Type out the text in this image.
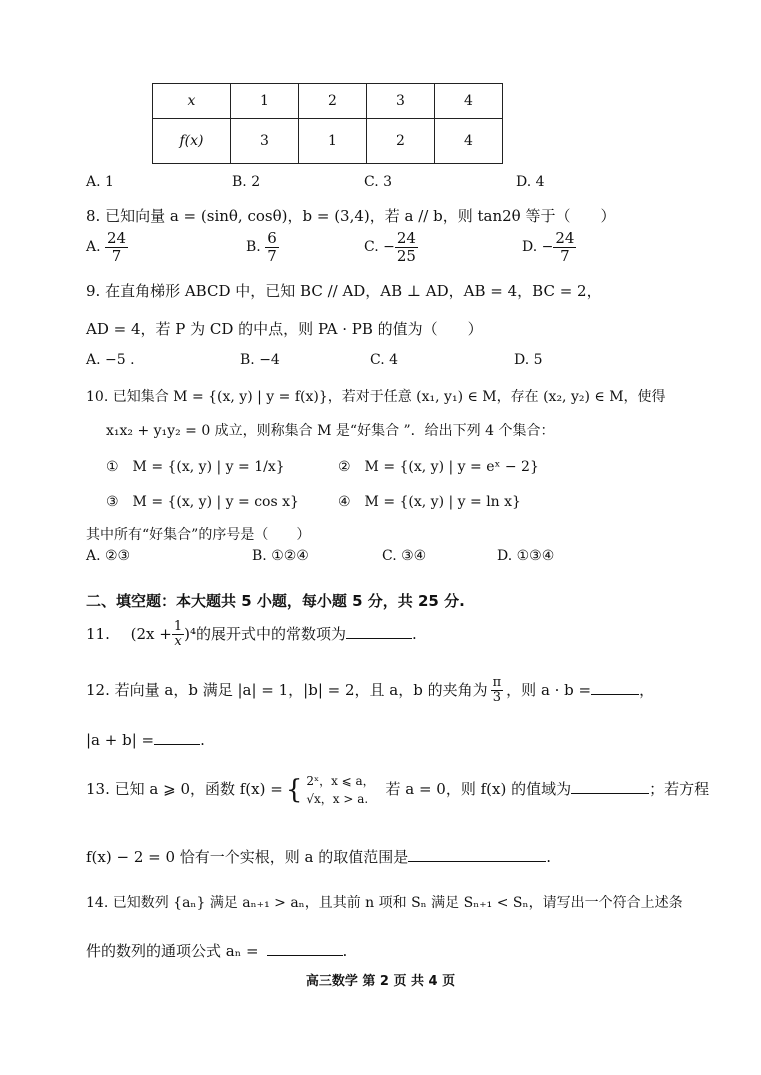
x	1	2	3	4
f(x)	3	1	2	4
A. 1	B. 2	C. 3	D. 4
8. 已知向量 a = (sinθ, cosθ)，b = (3,4)，若 a // b，则 tan2θ 等于（　　）
A. $\frac{24}{7}$	B. $\frac{6}{7}$	C. − $\frac{24}{25}$	D. − $\frac{24}{7}$
9. 在直角梯形 ABCD 中，已知 BC // AD，AB ⊥ AD，AB = 4，BC = 2，
AD = 4，若 P 为 CD 的中点，则 PA · PB 的值为（　　）
A. −5 .	B. −4	C. 4	D. 5
10. 已知集合 M = {(x, y) | y = f(x)}，若对于任意 (x₁, y₁) ∈ M，存在 (x₂, y₂) ∈ M，使得
x₁x₂ + y₁y₂ = 0 成立，则称集合 M 是“好集合 ”．给出下列 4 个集合：
①　M = {(x, y) | y = 1/x}	②　M = {(x, y) | y = eˣ − 2}
③　M = {(x, y) | y = cos x}	④　M = {(x, y) | y = ln x}
其中所有“好集合”的序号是（　　）
A. ②③	B. ①②④	C. ③④	D. ①③④
二、填空题：本大题共 5 小题，每小题 5 分，共 25 分.
11. $(2x + \frac{1}{x} )^4$的展开式中的常数项为	.
12. 若向量 a，b 满足 |a| = 1，|b| = 2，且 a，b 的夹角为 $\frac{\pi}{3}$ ，则 a · b =	，
|a + b| =	.
13. 已知 a ⩾ 0，函数 f(x) = { 2ˣ，x ⩽ a，
√x，x > a.
若 a = 0，则 f(x) 的值域为	；若方程
f(x) − 2 = 0 恰有一个实根，则 a 的取值范围是	.
14. 已知数列 {aₙ} 满足 aₙ₊₁ > aₙ，且其前 n 项和 Sₙ 满足 Sₙ₊₁ < Sₙ，请写出一个符合上述条
件的数列的通项公式 aₙ =	.
高三数学 第 2 页 共 4 页
